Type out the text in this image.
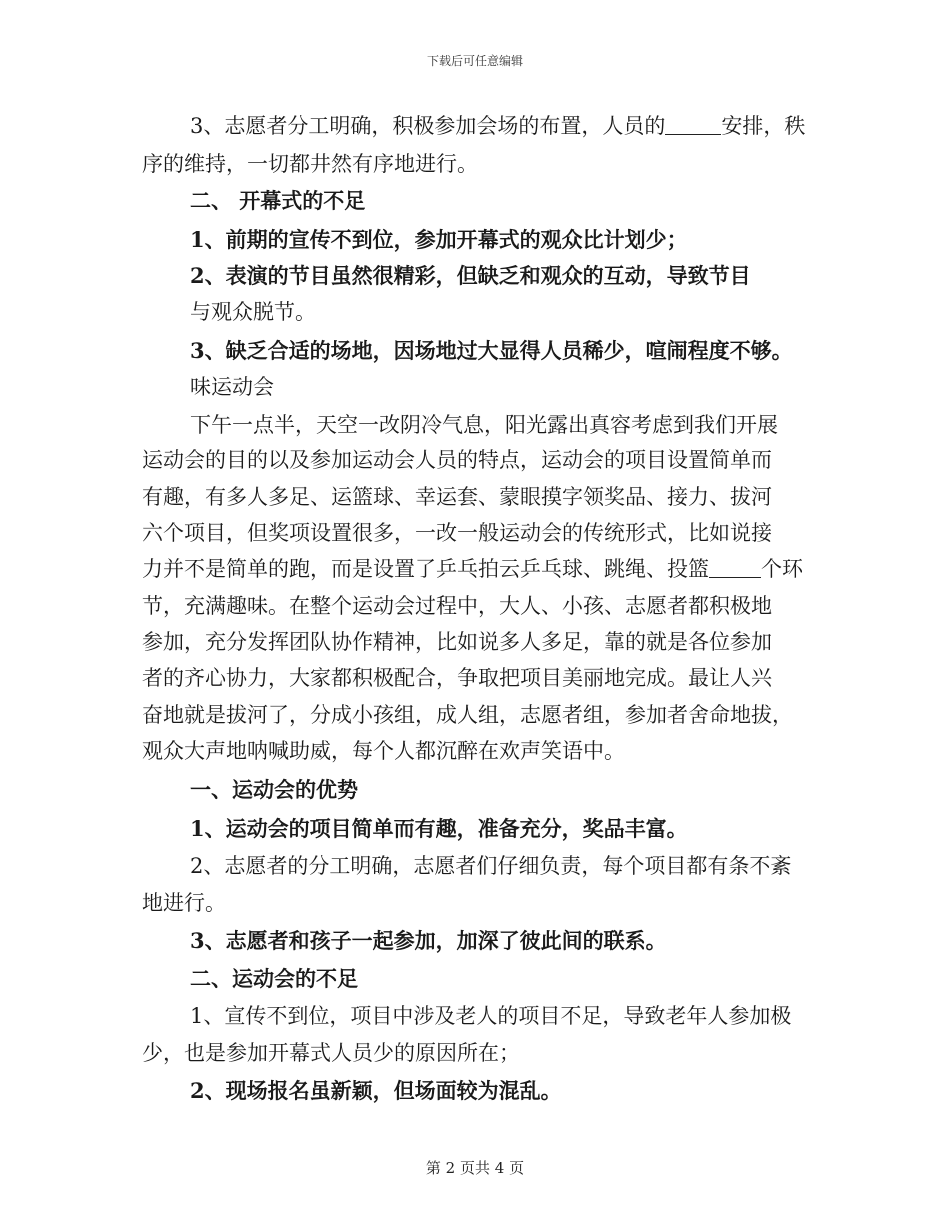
下载后可任意编辑
3、志愿者分工明确，积极参加会场的布置，人员的	安排，秩
序的维持，一切都井然有序地进行。
二、 开幕式的不足
1、前期的宣传不到位，参加开幕式的观众比计划少；
2、表演的节目虽然很精彩，但缺乏和观众的互动，导致节目
与观众脱节。
3、缺乏合适的场地，因场地过大显得人员稀少，喧闹程度不够。
味运动会
下午一点半，天空一改阴冷气息，阳光露出真容考虑到我们开展
运动会的目的以及参加运动会人员的特点，运动会的项目设置简单而
有趣，有多人多足、运篮球、幸运套、蒙眼摸字领奖品、接力、拔河
六个项目，但奖项设置很多，一改一般运动会的传统形式，比如说接
力并不是简单的跑，而是设置了乒乓拍云乒乓球、跳绳、投篮 个环
节，充满趣味。在整个运动会过程中，大人、小孩、志愿者都积极地
参加，充分发挥团队协作精神，比如说多人多足，靠的就是各位参加
者的齐心协力，大家都积极配合，争取把项目美丽地完成。最让人兴
奋地就是拔河了，分成小孩组，成人组，志愿者组，参加者舍命地拔，
观众大声地呐喊助威，每个人都沉醉在欢声笑语中。
一、运动会的优势
1、运动会的项目简单而有趣，准备充分，奖品丰富。
2、志愿者的分工明确，志愿者们仔细负责，每个项目都有条不紊
地进行。
3、志愿者和孩子一起参加，加深了彼此间的联系。
二、运动会的不足
1、宣传不到位，项目中涉及老人的项目不足，导致老年人参加极
少，也是参加开幕式人员少的原因所在；
2、现场报名虽新颖，但场面较为混乱。
第 2 页共 4 页
